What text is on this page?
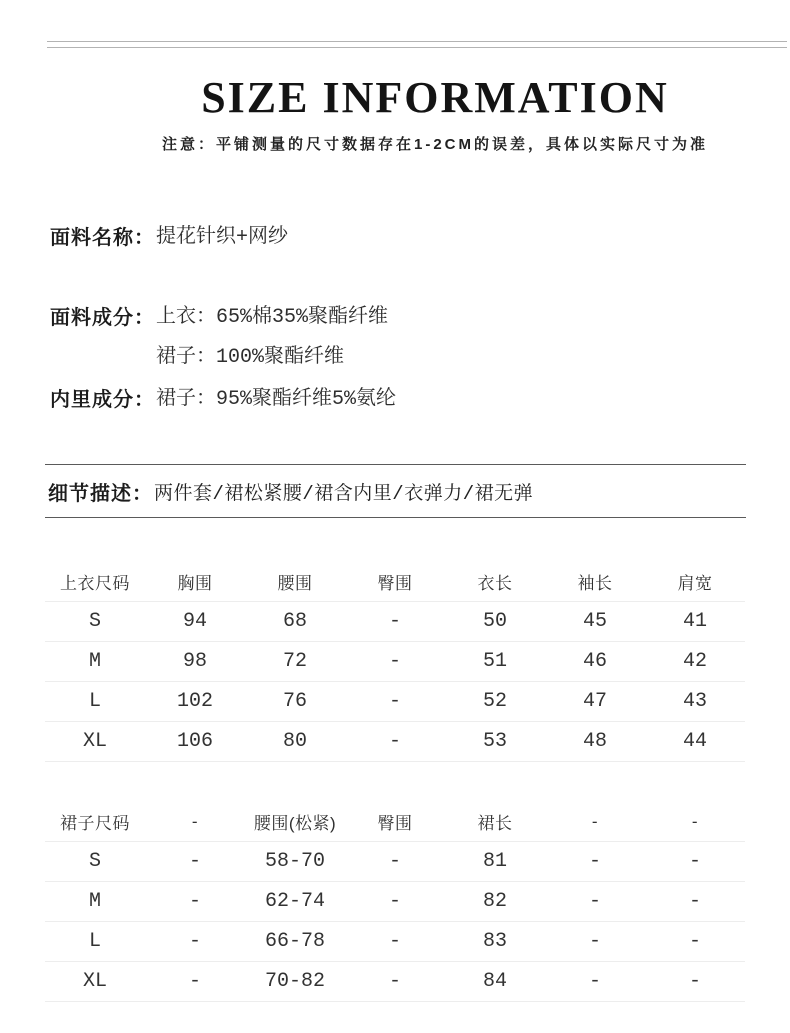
SIZE INFORMATION
注意：平铺测量的尺寸数据存在1-2CM的误差，具体以实际尺寸为准
面料名称： 提花针织+网纱
面料成分： 上衣：65%棉35%聚酯纤维
裙子：100%聚酯纤维
内里成分： 裙子：95%聚酯纤维5%氨纶
细节描述： 两件套/裙松紧腰/裙含内里/衣弹力/裙无弹
上衣尺码	胸围	腰围	臀围	衣长	袖长	肩宽
S	94	68	-	50	45	41
M	98	72	-	51	46	42
L	102	76	-	52	47	43
XL	106	80	-	53	48	44
裙子尺码	-	腰围(松紧)	臀围	裙长	-	-
S	-	58-70	-	81	-	-
M	-	62-74	-	82	-	-
L	-	66-78	-	83	-	-
XL	-	70-82	-	84	-	-
